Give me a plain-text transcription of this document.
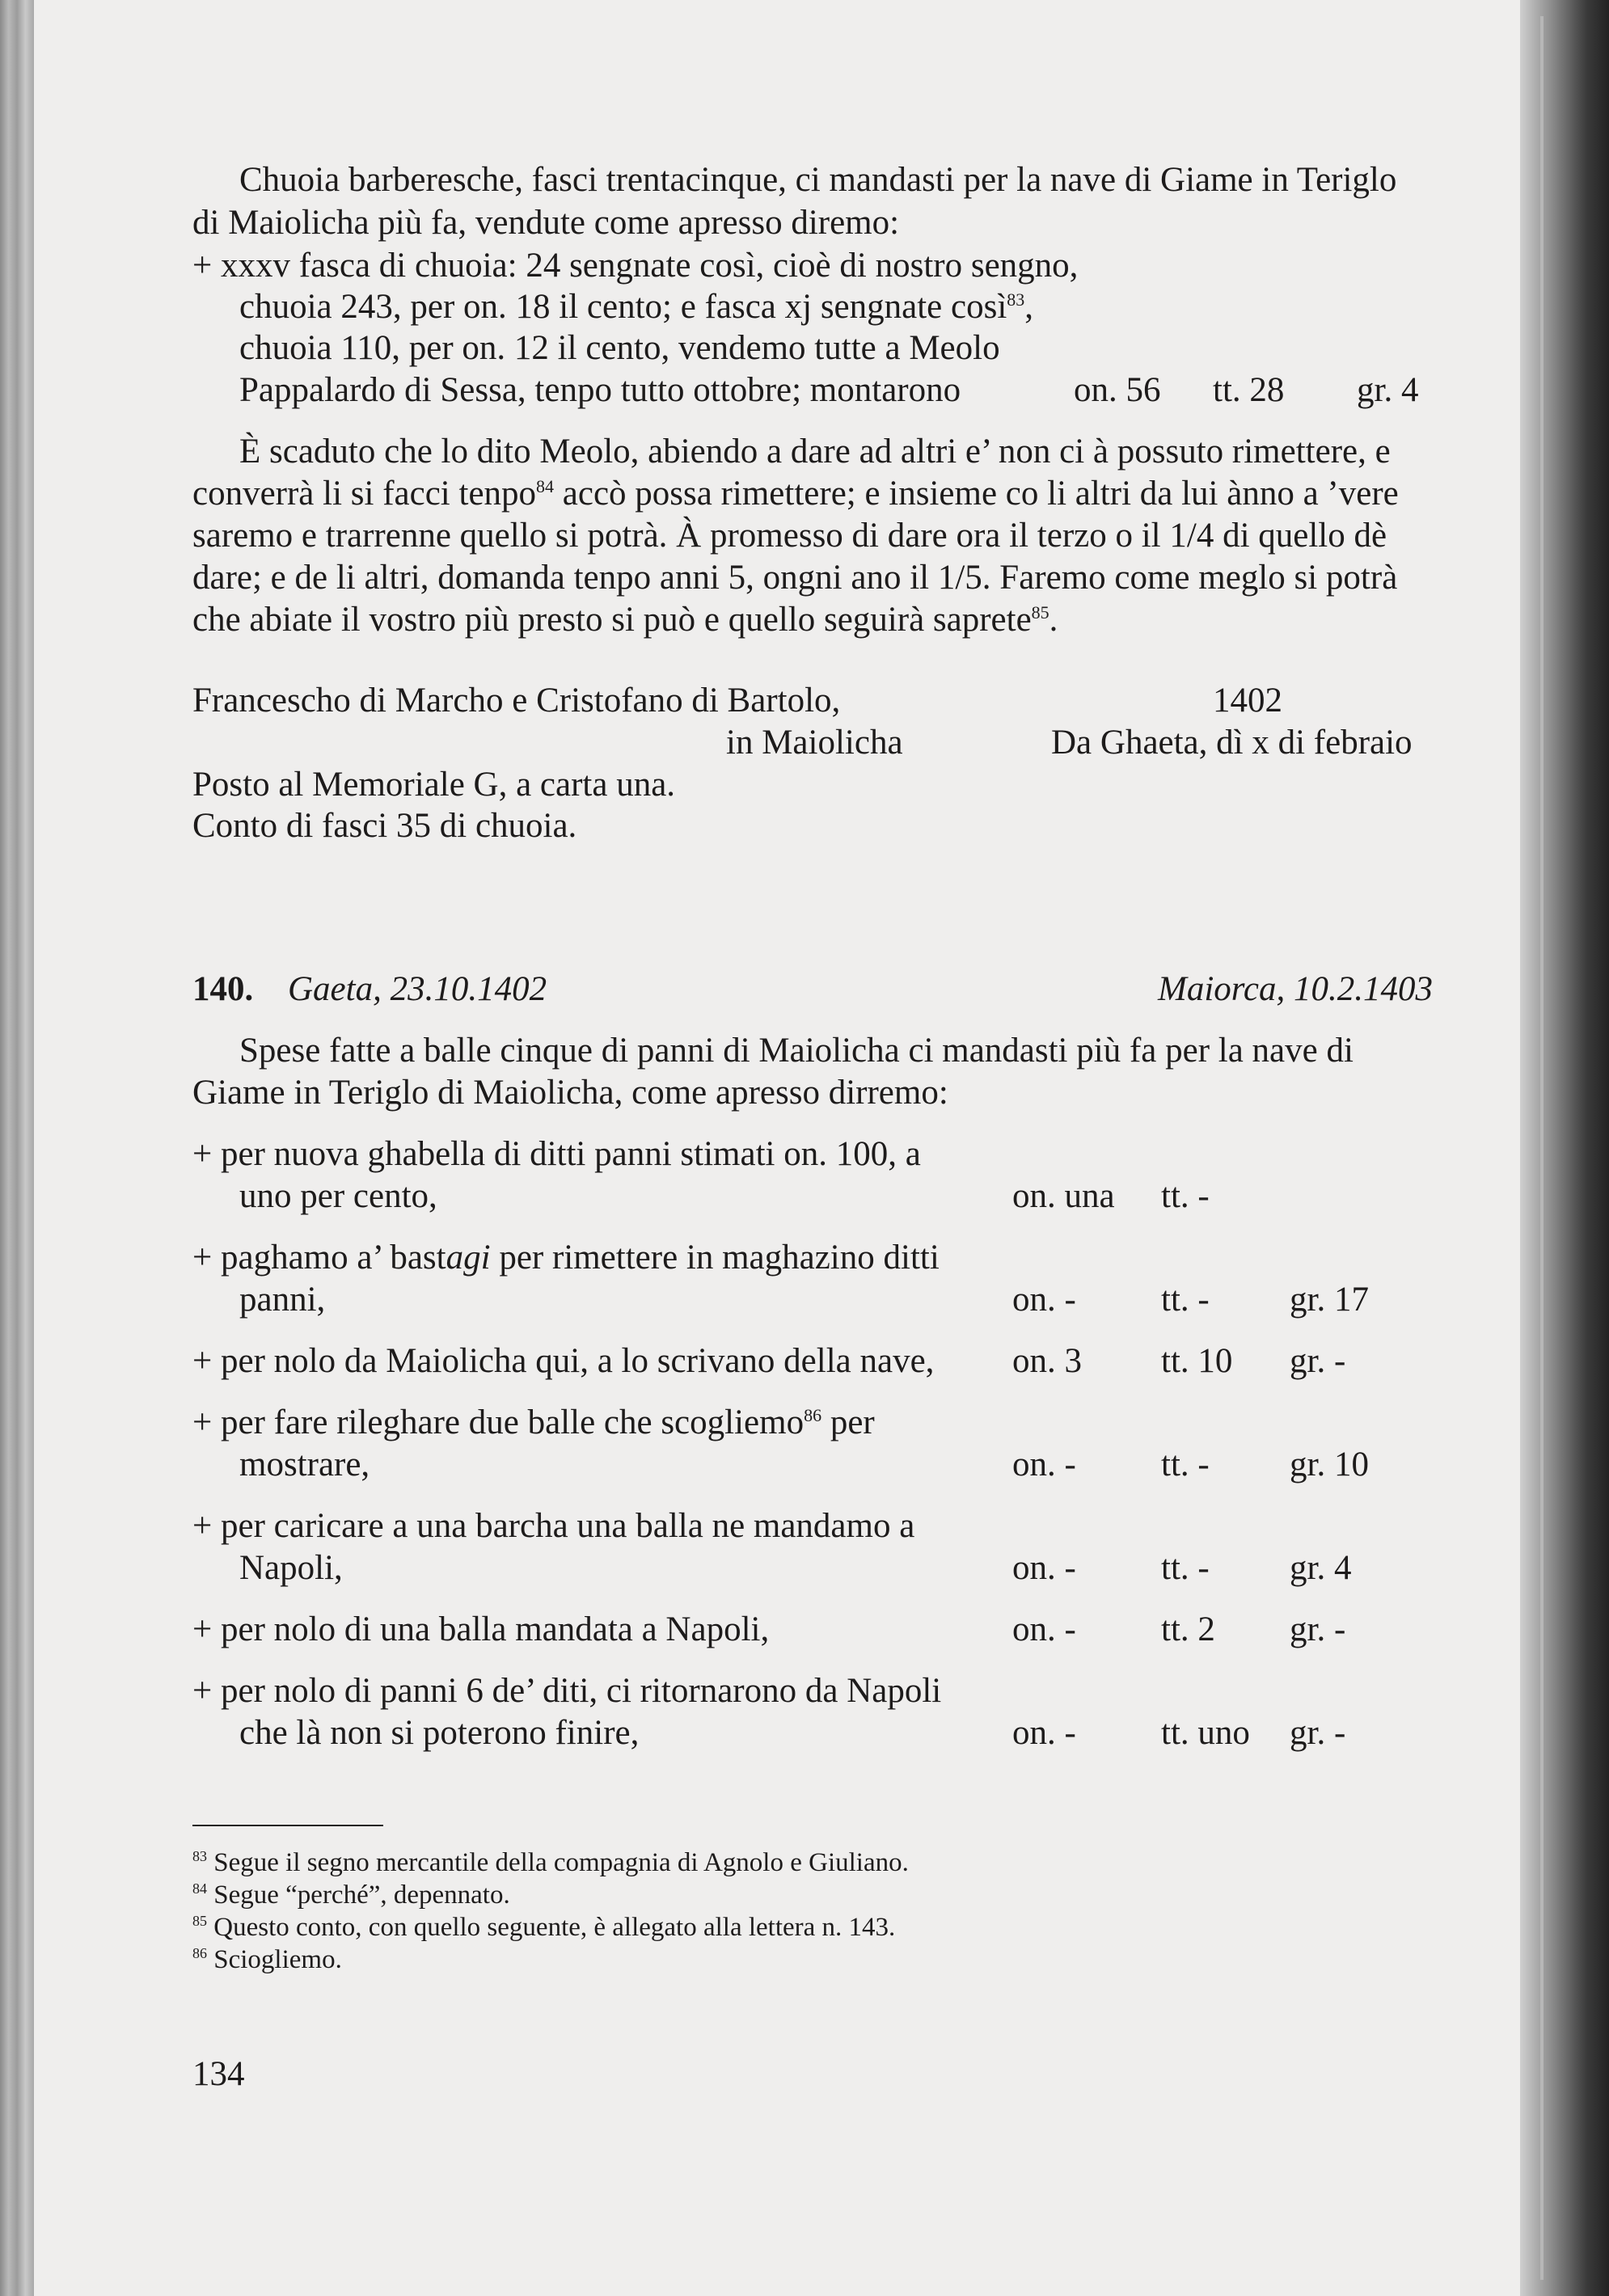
Chuoia barberesche, fasci trentacinque, ci mandasti per la nave di Giame in Teriglo
di Maiolicha più fa, vendute come apresso diremo:
+ xxxv fasca di chuoia: 24 sengnate così, cioè di nostro sengno,
chuoia 243, per on. 18 il cento; e fasca xj sengnate così$^{83}$,
chuoia 110, per on. 12 il cento, vendemo tutte a Meolo
Pappalardo di Sessa, tenpo tutto ottobre; montarono	on. 56 tt. 28 gr. 4
È scaduto che lo dito Meolo, abiendo a dare ad altri e’ non ci à possuto rimettere, e
converrà li si facci tenpo$^{84}$ accò possa rimettere; e insieme co li altri da lui ànno a ’vere
saremo e trarrenne quello si potrà. À promesso di dare ora il terzo o il 1/4 di quello dè
dare; e de li altri, domanda tenpo anni 5, ongni ano il 1/5. Faremo come meglo si potrà
che abiate il vostro più presto si può e quello seguirà saprete$^{85}$.
Francescho di Marcho e Cristofano di Bartolo,	1402
in Maiolicha	Da Ghaeta, dì x di febraio
Posto al Memoriale G, a carta una.
Conto di fasci 35 di chuoia.
140. Gaeta, 23.10.1402	Maiorca, 10.2.1403
Spese fatte a balle cinque di panni di Maiolicha ci mandasti più fa per la nave di
Giame in Teriglo di Maiolicha, come apresso dirremo:
+ per nuova ghabella di ditti panni stimati on. 100, a
uno per cento,	on. una tt. -
+ paghamo a’ bastagi per rimettere in maghazino ditti
panni,	on. - tt. - gr. 17
+ per nolo da Maiolicha qui, a lo scrivano della nave, on. 3 tt. 10 gr. -
+ per fare rileghare due balle che scogliemo$^{86}$ per
mostrare,	on. - tt. - gr. 10
+ per caricare a una barcha una balla ne mandamo a
Napoli,	on. - tt. - gr. 4
+ per nolo di una balla mandata a Napoli,	on. - tt. 2 gr. -
+ per nolo di panni 6 de’ diti, ci ritornarono da Napoli
che là non si poterono finire,	on. - tt. uno gr. -
$^{83}$ Segue il segno mercantile della compagnia di Agnolo e Giuliano.
$^{84}$ Segue “perché”, depennato.
$^{85}$ Questo conto, con quello seguente, è allegato alla lettera n. 143.
$^{86}$ Sciogliemo.
134
